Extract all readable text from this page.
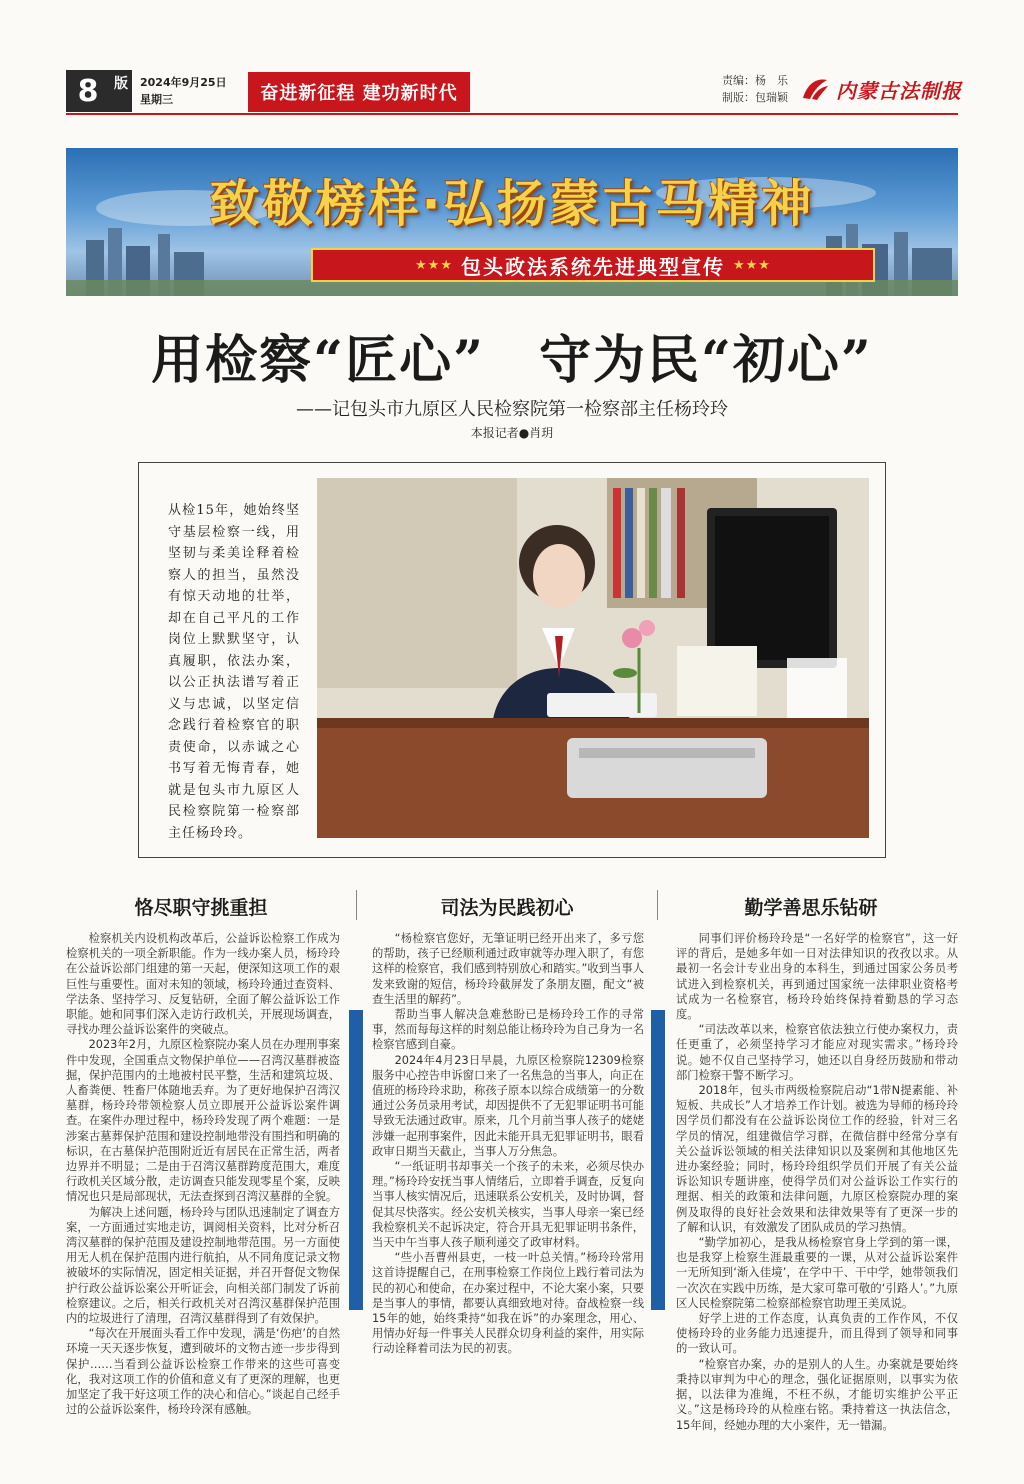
8	版	2024年9月25日
星期三	奋进新征程 建功新时代
责编：杨　乐
制版：包瑞颖 内蒙古法制报
致敬榜样·弘扬蒙古马精神
★★★ 包头政法系统先进典型宣传 ★★★
用检察“匠心”　守为民“初心”
——记包头市九原区人民检察院第一检察部主任杨玲玲
本报记者●肖玥
从检15年，她始终坚守基层检察一线，用坚韧与柔美诠释着检察人的担当，虽然没有惊天动地的壮举，却在自己平凡的工作岗位上默默坚守，认真履职，依法办案，以公正执法谱写着正义与忠诚，以坚定信念践行着检察官的职责使命，以赤诚之心书写着无悔青春，她就是包头市九原区人民检察院第一检察部主任杨玲玲。
恪尽职守挑重担

检察机关内设机构改革后，公益诉讼检察工作成为检察机关的一项全新职能。作为一线办案人员，杨玲玲在公益诉讼部门组建的第一天起，便深知这项工作的艰巨性与重要性。面对未知的领域，杨玲玲通过查资料、学法条、坚持学习、反复钻研，全面了解公益诉讼工作职能。她和同事们深入走访行政机关，开展现场调查，寻找办理公益诉讼案件的突破点。

2023年2月，九原区检察院办案人员在办理刑事案件中发现，全国重点文物保护单位——召湾汉墓群被盗掘，保护范围内的土地被村民平整，生活和建筑垃圾、人畜粪便、牲畜尸体随地丢弃。为了更好地保护召湾汉墓群，杨玲玲带领检察人员立即展开公益诉讼案件调查。在案件办理过程中，杨玲玲发现了两个难题：一是涉案古墓葬保护范围和建设控制地带没有围挡和明确的标识，在古墓保护范围附近近有居民在正常生活，两者边界并不明显；二是由于召湾汉墓群跨度范围大，难度行政机关区域分散，走访调查只能发现零星个案，反映情况也只是局部现状，无法查探到召湾汉墓群的全貌。

为解决上述问题，杨玲玲与团队迅速制定了调查方案，一方面通过实地走访，调阅相关资料，比对分析召湾汉墓群的保护范围及建设控制地带范围。另一方面使用无人机在保护范围内进行航拍，从不同角度记录文物被破坏的实际情况，固定相关证据，并召开督促文物保护行政公益诉讼案公开听证会，向相关部门制发了诉前检察建议。之后，相关行政机关对召湾汉墓群保护范围内的垃圾进行了清理，召湾汉墓群得到了有效保护。

“每次在开展面头看工作中发现，满是‘伤疤’的自然环境一天天逐步恢复，遭到破坏的文物古迹一步步得到保护……当看到公益诉讼检察工作带来的这些可喜变化，我对这项工作的价值和意义有了更深的理解，也更加坚定了我干好这项工作的决心和信心。”谈起自己经手过的公益诉讼案件，杨玲玲深有感触。

司法为民践初心

“杨检察官您好，无筆证明已经开出来了，多亏您的帮助，孩子已经顺利通过政审就等办理入职了，有您这样的检察官，我们感到特别放心和踏实。”收到当事人发来致谢的短信，杨玲玲截屏发了条朋友圈，配文“被查生活里的解药”。

帮助当事人解决急难愁盼已是杨玲玲工作的寻常事，然而每每这样的时刻总能让杨玲玲为自己身为一名检察官感到自豪。

2024年4月23日早晨，九原区检察院12309检察服务中心控告申诉窗口来了一名焦急的当事人，向正在值班的杨玲玲求助，称孩子原本以综合成绩第一的分数通过公务员录用考试，却因提供不了无犯罪证明书可能导致无法通过政审。原来，几个月前当事人孩子的姥姥涉嫌一起刑事案件，因此未能开具无犯罪证明书，眼看政审日期当天截止，当事人万分焦急。

“一纸证明书却事关一个孩子的未来，必须尽快办理。”杨玲玲安抚当事人情绪后，立即着手调查，反复向当事人核实情况后，迅速联系公安机关，及时协调，督促其尽快落实。经公安机关核实，当事人母亲一案已经我检察机关不起诉决定，符合开具无犯罪证明书条件，当天中午当事人孩子顺利递交了政审材料。

“些小吾曹州县吏，一枝一叶总关情。”杨玲玲常用这首诗提醒自己，在刑事检察工作岗位上践行着司法为民的初心和使命，在办案过程中，不论大案小案，只要是当事人的事情，都要认真细致地对待。奋战检察一线15年的她，始终秉持“如我在诉”的办案理念，用心、用情办好每一件事关人民群众切身利益的案件，用实际行动诠释着司法为民的初衷。

勤学善思乐钻研

同事们评价杨玲玲是“一名好学的检察官”，这一好评的背后，是她多年如一日对法律知识的孜孜以求。从最初一名会计专业出身的本科生，到通过国家公务员考试进入到检察机关，再到通过国家统一法律职业资格考试成为一名检察官，杨玲玲始终保持着勤恳的学习态度。

“司法改革以来，检察官依法独立行使办案权力，责任更重了，必须坚持学习才能应对现实需求。”杨玲玲说。她不仅自己坚持学习，她还以自身经历鼓励和带动部门检察干警不断学习。

2018年，包头市两级检察院启动“1带N提素能、补短板、共成长”人才培养工作计划。被选为导师的杨玲玲因学员们都没有在公益诉讼岗位工作的经验，针对三名学员的情况，组建微信学习群，在微信群中经常分享有关公益诉讼领域的相关法律知识以及案例和其他地区先进办案经验；同时，杨玲玲组织学员们开展了有关公益诉讼知识专题讲座，使得学员们对公益诉讼工作实行的理据、相关的政策和法律问题，九原区检察院办理的案例及取得的良好社会效果和法律效果等有了更深一步的了解和认识，有效激发了团队成员的学习热情。

“勤学加初心，是我从杨检察官身上学到的第一课，也是我穿上检察生涯最重要的一课，从对公益诉讼案件一无所知到‘渐入佳境’，在学中干、干中学，她带领我们一次次在实践中历练，是大家可靠可敬的‘引路人’。”九原区人民检察院第二检察部检察官助理王美凤说。

好学上进的工作态度，认真负责的工作作风，不仅使杨玲玲的业务能力迅速提升，而且得到了领导和同事的一致认可。

“检察官办案，办的是别人的人生。办案就是要始终秉持以审判为中心的理念，强化证据原则，以事实为依据，以法律为准绳，不枉不纵，才能切实维护公平正义。”这是杨玲玲的从检座右铭。秉持着这一执法信念，15年间，经她办理的大小案件，无一错漏。
